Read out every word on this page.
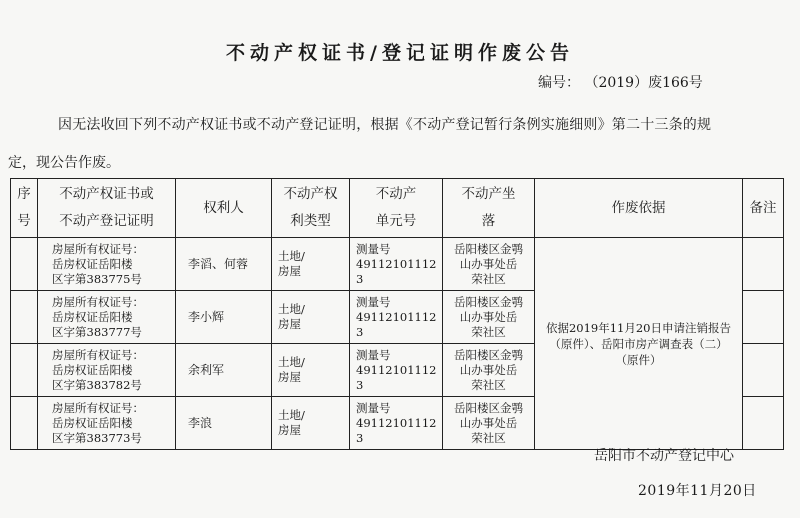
不动产权证书/登记证明作废公告
编号： （2019）废166号
因无法收回下列不动产权证书或不动产登记证明，根据《不动产登记暂行条例实施细则》第二十三条的规
定，现公告作废。
序
号	不动产权证书或
不动产登记证明	权利人	不动产权
利类型	不动产
单元号	不动产坐
落	作废依据	备注
	房屋所有权证号：
岳房权证岳阳楼
区字第383775号	李滔、何蓉	土地/
房屋	测量号
49112101112
3	岳阳楼区金鹗
山办事处岳
荣社区	依据2019年11月20日申请注销报告（原件）、岳阳市房产调查表（二）（原件）	
	房屋所有权证号：
岳房权证岳阳楼
区字第383777号	李小辉	土地/
房屋	测量号
49112101112
3	岳阳楼区金鹗
山办事处岳
荣社区		
	房屋所有权证号：
岳房权证岳阳楼
区字第383782号	余利军	土地/
房屋	测量号
49112101112
3	岳阳楼区金鹗
山办事处岳
荣社区		
	房屋所有权证号：
岳房权证岳阳楼
区字第383773号	李浪	土地/
房屋	测量号
49112101112
3	岳阳楼区金鹗
山办事处岳
荣社区		
岳阳市不动产登记中心
2019年11月20日
